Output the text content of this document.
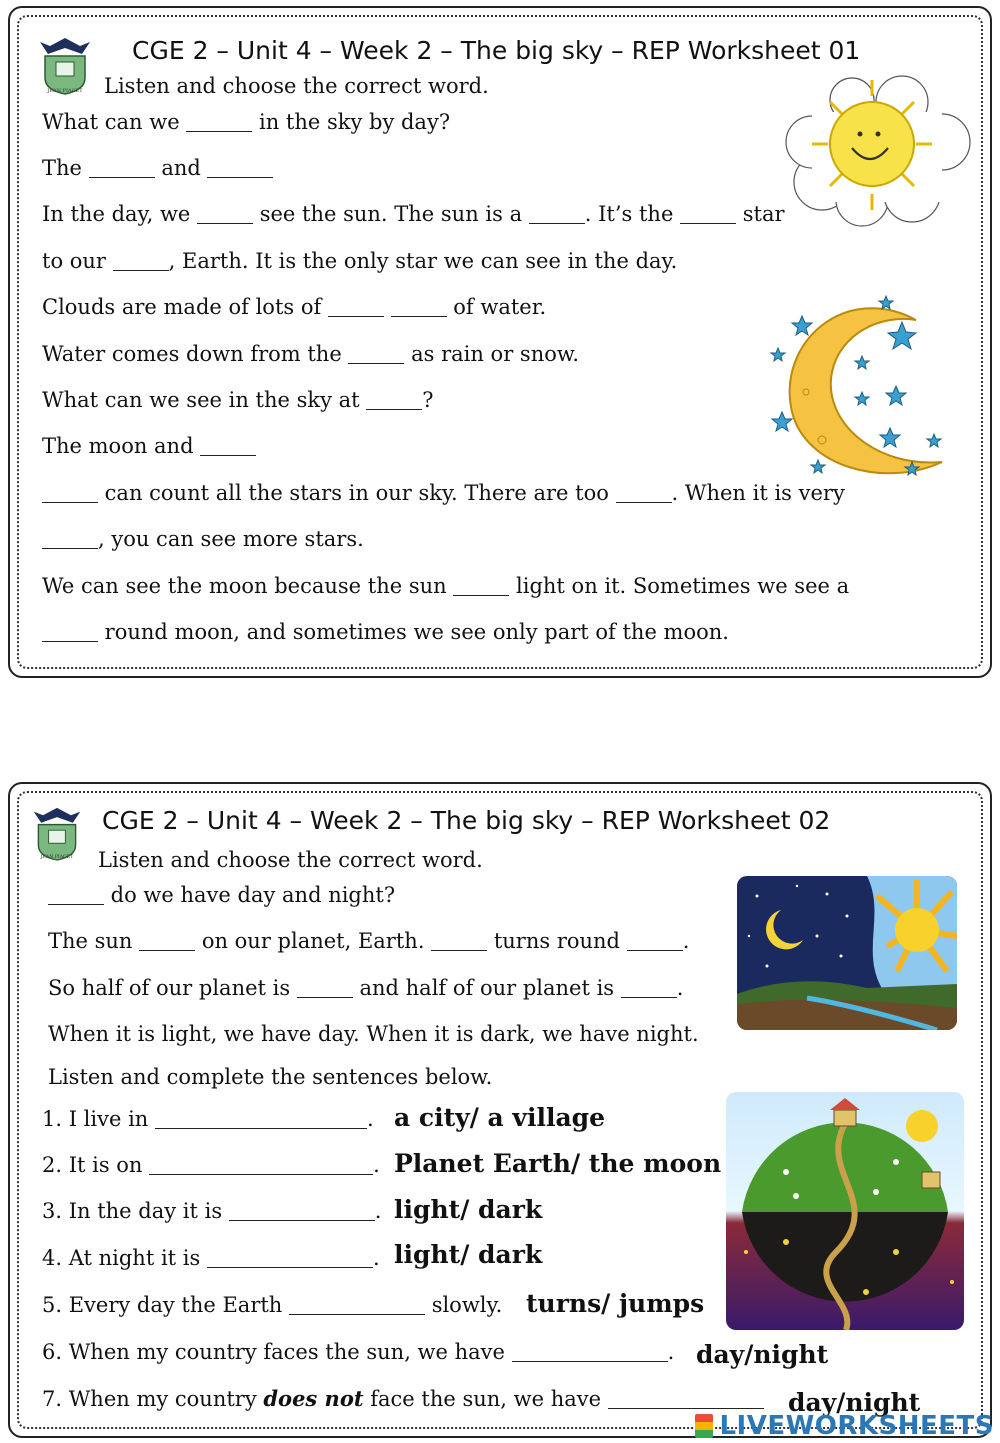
JEAN PIAGET
CGE 2 – Unit 4 – Week 2 – The big sky – REP Worksheet 01
Listen and choose the correct word.
What can we	in the sky by day?
The	and
In the day, we	see the sun. The sun is a	. It’s the	star
to our	, Earth. It is the only star we can see in the day.
Clouds are made of lots of	of water.
Water comes down from the	as rain or snow.
What can we see in the sky at	?
The moon and
can count all the stars in our sky. There are too	. When it is very
, you can see more stars.
We can see the moon because the sun	light on it. Sometimes we see a
round moon, and sometimes we see only part of the moon.
JEAN PIAGET
CGE 2 – Unit 4 – Week 2 – The big sky – REP Worksheet 02
Listen and choose the correct word.
do we have day and night?
The sun	on our planet, Earth.	turns round	.
So half of our planet is	and half of our planet is	.
When it is light, we have day. When it is dark, we have night.
Listen and complete the sentences below.
1. I live in	. a city/ a village
2. It is on	. Planet Earth/ the moon
3. In the day it is	. light/ dark
4. At night it is	. light/ dark
5. Every day the Earth	slowly. turns/ jumps
6. When my country faces the sun, we have	. day/night
7. When my country does not face the sun, we have	day/night
LIVEWORKSHEETS
